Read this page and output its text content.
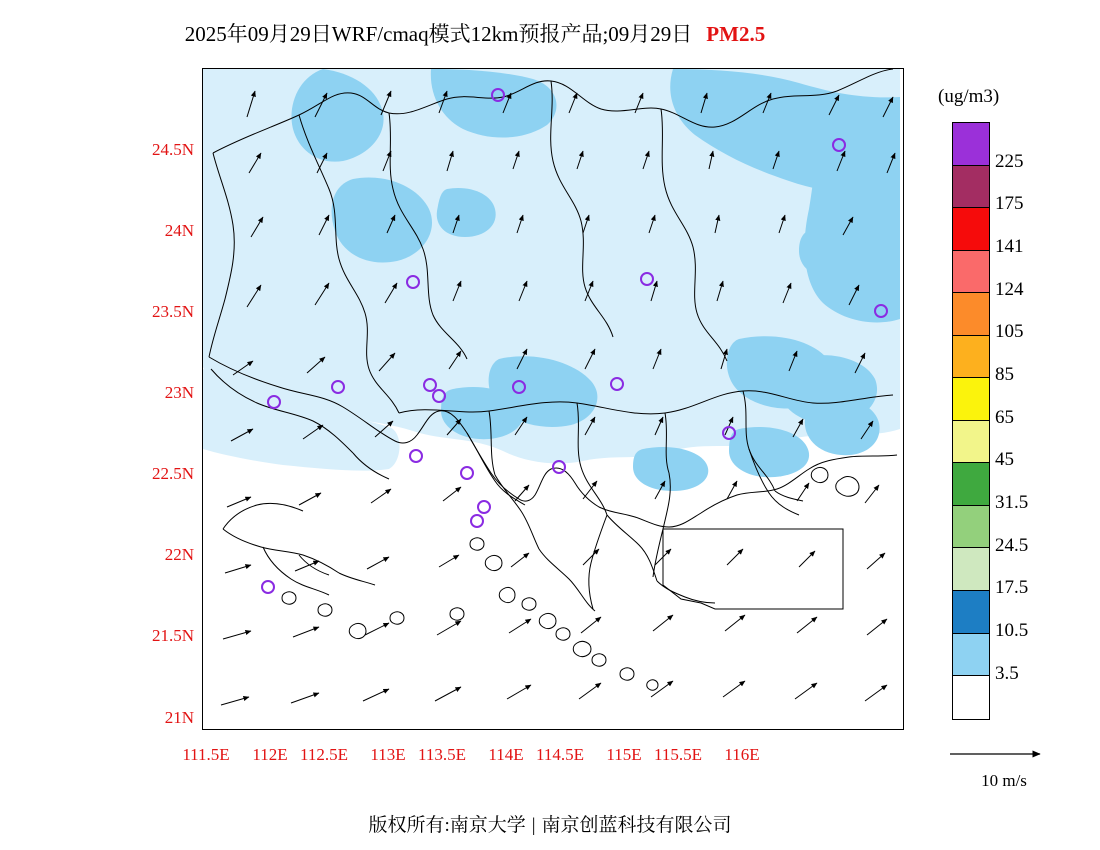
2025年09月29日WRF/cmaq模式12km预报产品;09月29日 PM2.5
24.5N
24N
23.5N
23N
22.5N
22N
21.5N
21N
111.5E	112E 112.5E	113E 113.5E	114E 114.5E	115E 115.5E	116E
(ug/m3)
225
175
141
124
105
85
65
45
31.5
24.5
17.5
10.5
3.5
10 m/s
版权所有:南京大学 | 南京创蓝科技有限公司
